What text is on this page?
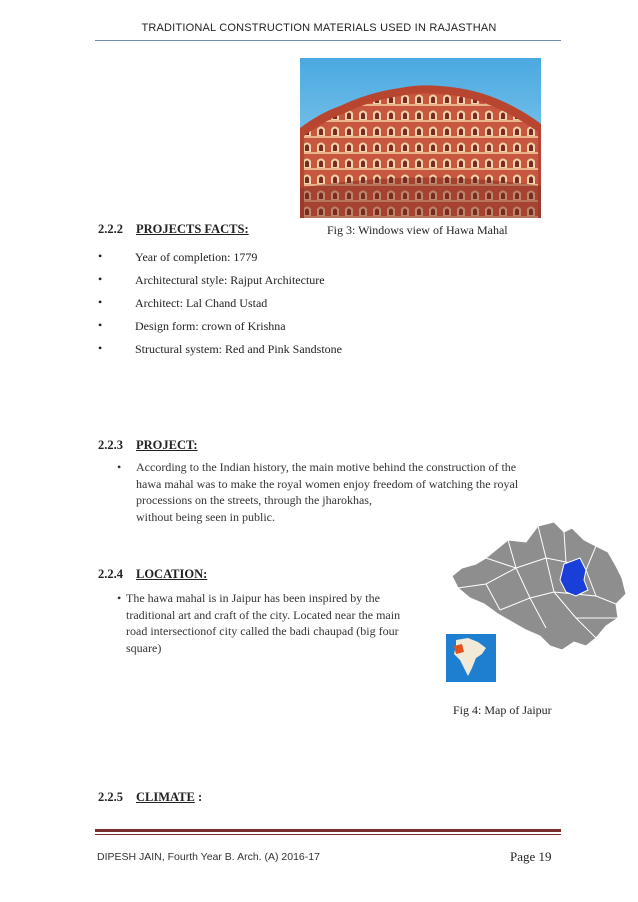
TRADITIONAL CONSTRUCTION MATERIALS USED IN RAJASTHAN
2.2.2 PROJECTS FACTS:	Fig 3: Windows view of Hawa Mahal
•	Year of completion: 1779
•	Architectural style: Rajput Architecture
•	Architect: Lal Chand Ustad
•	Design form: crown of Krishna
•	Structural system: Red and Pink Sandstone
2.2.3 PROJECT:
• According to the Indian history, the main motive behind the construction of the
hawa mahal was to make the royal women enjoy freedom of watching the royal
processions on the streets, through the jharokhas,
without being seen in public.
2.2.4 LOCATION:
• The hawa mahal is in Jaipur has been inspired by the
traditional art and craft of the city. Located near the main
road intersectionof city called the badi chaupad (big four
square)
Fig 4: Map of Jaipur
2.2.5 CLIMATE :
DIPESH JAIN, Fourth Year B. Arch. (A) 2016-17	Page 19
